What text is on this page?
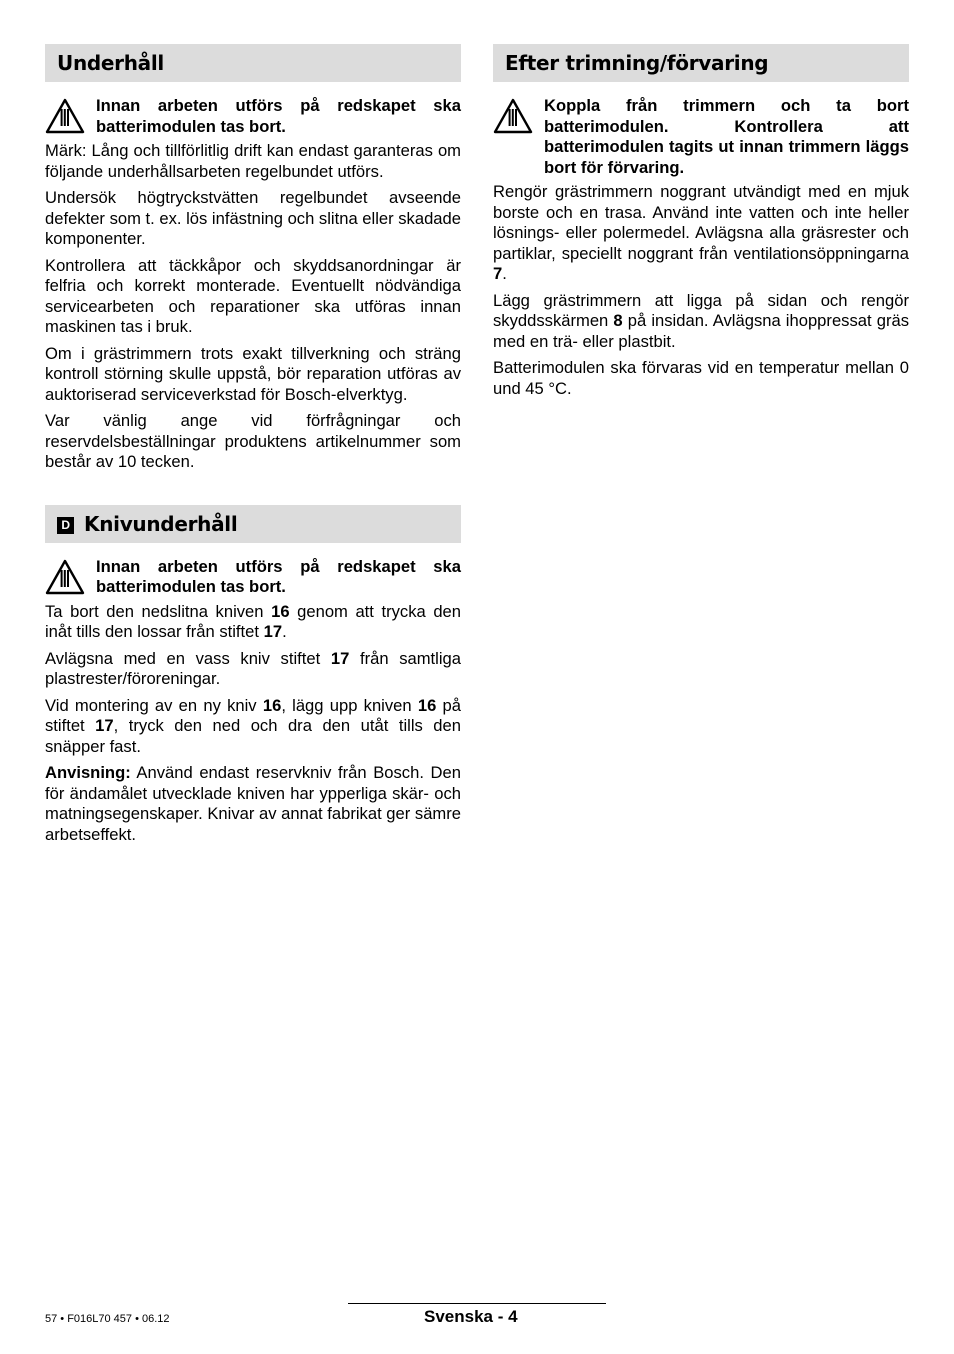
Underhåll
Innan arbeten utförs på redskapet ska batterimodulen tas bort.

Märk: Lång och tillförlitlig drift kan endast garanteras om följande underhållsarbeten regelbundet utförs.

Undersök högtryckstvätten regelbundet avseende defekter som t. ex. lös infästning och slitna eller skadade komponenter.

Kontrollera att täckkåpor och skyddsanordningar är felfria och korrekt monterade. Eventuellt nödvändiga servicearbeten och reparationer ska utföras innan maskinen tas i bruk.

Om i grästrimmern trots exakt tillverkning och sträng kontroll störning skulle uppstå, bör reparation utföras av auktoriserad serviceverkstad för Bosch-elverktyg.

Var vänlig ange vid förfrågningar och reservdelsbeställningar produktens artikelnummer som består av 10 tecken.

D Knivunderhåll
Innan arbeten utförs på redskapet ska batterimodulen tas bort.

Ta bort den nedslitna kniven 16 genom att trycka den inåt tills den lossar från stiftet 17.

Avlägsna med en vass kniv stiftet 17 från samtliga plastrester/föroreningar.

Vid montering av en ny kniv 16, lägg upp kniven 16 på stiftet 17, tryck den ned och dra den utåt tills den snäpper fast.

Anvisning: Använd endast reservkniv från Bosch. Den för ändamålet utvecklade kniven har ypperliga skär- och matningsegenskaper. Knivar av annat fabrikat ger sämre arbetseffekt.

Efter trimning/förvaring
Koppla från trimmern och ta bort batterimodulen. Kontrollera att batterimodulen tagits ut innan trimmern läggs bort för förvaring.

Rengör grästrimmern noggrant utvändigt med en mjuk borste och en trasa. Använd inte vatten och inte heller lösnings- eller polermedel. Avlägsna alla gräsrester och partiklar, speciellt noggrant från ventilationsöppningarna 7.

Lägg grästrimmern att ligga på sidan och rengör skyddsskärmen 8 på insidan. Avlägsna ihoppressat gräs med en trä- eller plastbit.

Batterimodulen ska förvaras vid en temperatur mellan 0 und 45 °C.

57 • F016L70 457 • 06.12	Svenska - 4
